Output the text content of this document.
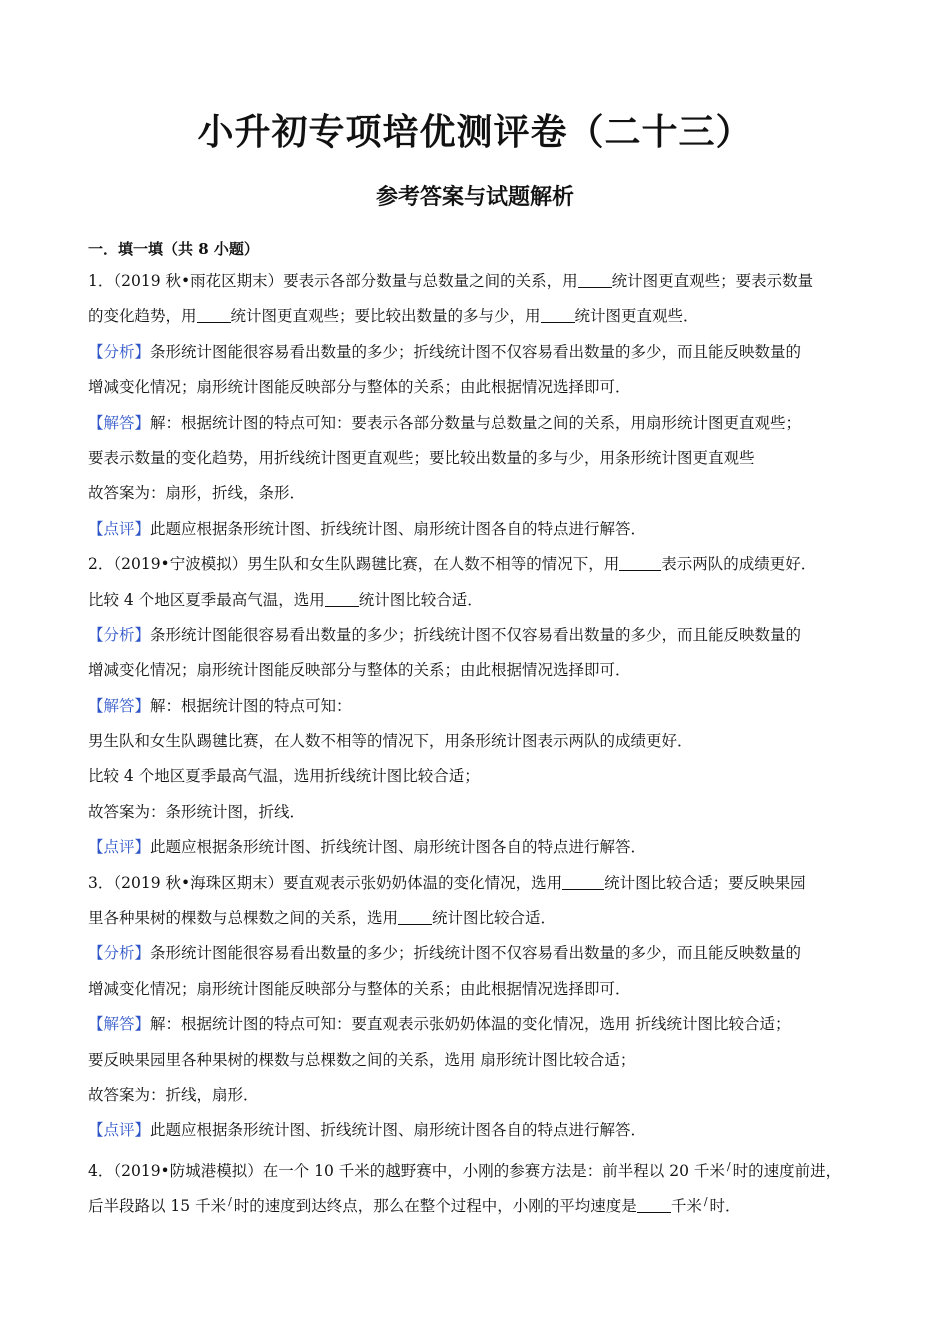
小升初专项培优测评卷（二十三）
参考答案与试题解析
一．填一填（共 8 小题）
1．（2019 秋•雨花区期末）要表示各部分数量与总数量之间的关系，用 统计图更直观些；要表示数量
的变化趋势，用 统计图更直观些；要比较出数量的多与少，用 统计图更直观些．
【分析】条形统计图能很容易看出数量的多少；折线统计图不仅容易看出数量的多少，而且能反映数量的
增减变化情况；扇形统计图能反映部分与整体的关系；由此根据情况选择即可．
【解答】解：根据统计图的特点可知：要表示各部分数量与总数量之间的关系，用扇形统计图更直观些；
要表示数量的变化趋势，用折线统计图更直观些；要比较出数量的多与少，用条形统计图更直观些
故答案为：扇形，折线，条形．
【点评】此题应根据条形统计图、折线统计图、扇形统计图各自的特点进行解答．
2．（2019•宁波模拟）男生队和女生队踢毽比赛，在人数不相等的情况下，用	表示两队的成绩更好．
比较 4 个地区夏季最高气温，选用 统计图比较合适．
【分析】条形统计图能很容易看出数量的多少；折线统计图不仅容易看出数量的多少，而且能反映数量的
增减变化情况；扇形统计图能反映部分与整体的关系；由此根据情况选择即可．
【解答】解：根据统计图的特点可知：
男生队和女生队踢毽比赛，在人数不相等的情况下，用条形统计图表示两队的成绩更好．
比较 4 个地区夏季最高气温，选用折线统计图比较合适；
故答案为：条形统计图，折线．
【点评】此题应根据条形统计图、折线统计图、扇形统计图各自的特点进行解答．
3．（2019 秋•海珠区期末）要直观表示张奶奶体温的变化情况，选用	统计图比较合适；要反映果园
里各种果树的棵数与总棵数之间的关系，选用 统计图比较合适．
【分析】条形统计图能很容易看出数量的多少；折线统计图不仅容易看出数量的多少，而且能反映数量的
增减变化情况；扇形统计图能反映部分与整体的关系；由此根据情况选择即可．
【解答】解：根据统计图的特点可知：要直观表示张奶奶体温的变化情况，选用 折线统计图比较合适；
要反映果园里各种果树的棵数与总棵数之间的关系，选用 扇形统计图比较合适；
故答案为：折线，扇形．
【点评】此题应根据条形统计图、折线统计图、扇形统计图各自的特点进行解答．
4．（2019•防城港模拟）在一个 10 千米的越野赛中，小刚的参赛方法是：前半程以 20 千米 / 时的速度前进，
后半段路以 15 千米 / 时的速度到达终点，那么在整个过程中，小刚的平均速度是 千米 / 时．
